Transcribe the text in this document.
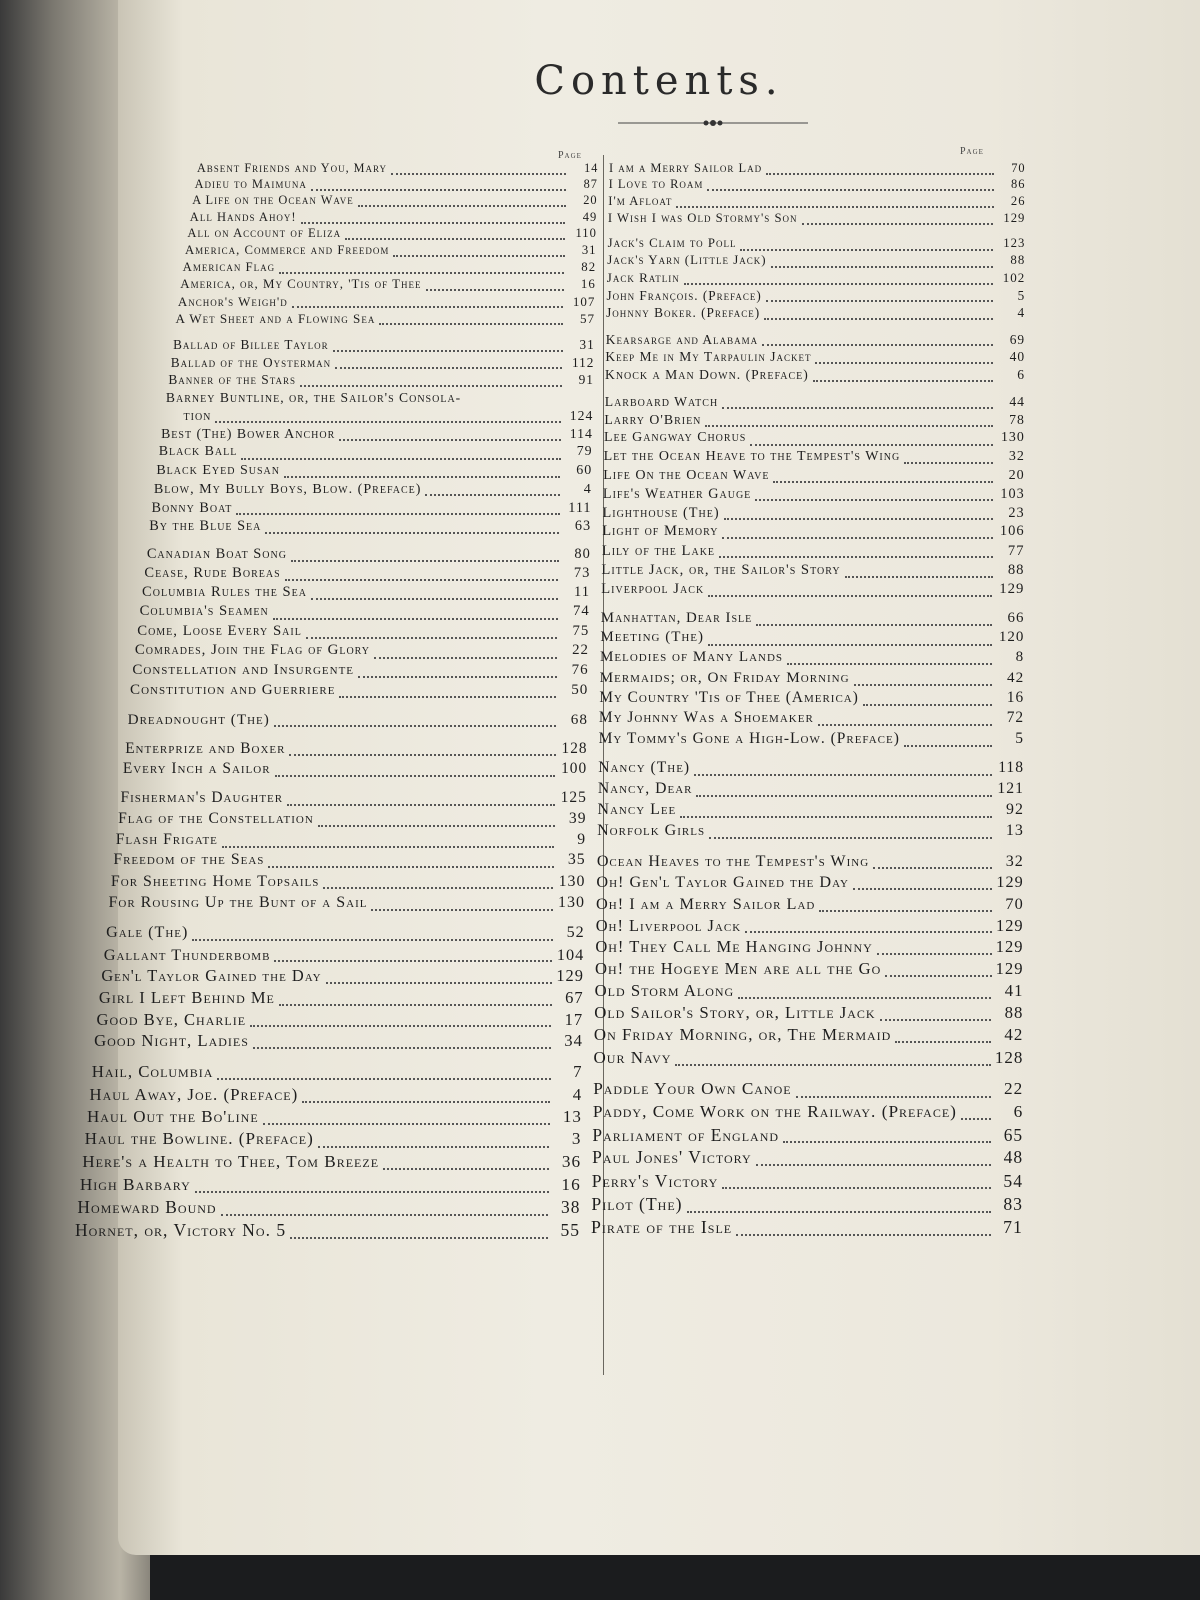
Contents.
Page	Page
Absent Friends and You, Mary	14
Adieu to Maimuna	87
A Life on the Ocean Wave	20
All Hands Ahoy!	49
All on Account of Eliza	110
America, Commerce and Freedom	31
American Flag	82
America, or, My Country, 'Tis of Thee	16
Anchor's Weigh'd	107
A Wet Sheet and a Flowing Sea	57
Ballad of Billee Taylor	31
Ballad of the Oysterman	112
Banner of the Stars	91
Barney Buntline, or, the Sailor's Consola-
tion	124
Best (The) Bower Anchor	114
Black Ball	79
Black Eyed Susan	60
Blow, My Bully Boys, Blow. (Preface)	4
Bonny Boat	111
By the Blue Sea	63
Canadian Boat Song	80
Cease, Rude Boreas	73
Columbia Rules the Sea	11
Columbia's Seamen	74
Come, Loose Every Sail	75
Comrades, Join the Flag of Glory	22
Constellation and Insurgente	76
Constitution and Guerriere	50
Dreadnought (The)	68
Enterprize and Boxer	128
Every Inch a Sailor	100
Fisherman's Daughter	125
Flag of the Constellation	39
Flash Frigate	9
Freedom of the Seas	35
For Sheeting Home Topsails	130
For Rousing Up the Bunt of a Sail	130
Gale (The)	52
Gallant Thunderbomb	104
Gen'l Taylor Gained the Day	129
Girl I Left Behind Me	67
Good Bye, Charlie	17
Good Night, Ladies	34
Hail, Columbia	7
Haul Away, Joe. (Preface)	4
Haul Out the Bo'line	13
Haul the Bowline. (Preface)	3
Here's a Health to Thee, Tom Breeze	36
High Barbary	16
Homeward Bound	38
Hornet, or, Victory No. 5	55
I am a Merry Sailor Lad	70
I Love to Roam	86
I'm Afloat	26
I Wish I was Old Stormy's Son	129
Jack's Claim to Poll	123
Jack's Yarn (Little Jack)	88
Jack Ratlin	102
John François. (Preface)	5
Johnny Boker. (Preface)	4
Kearsarge and Alabama	69
Keep Me in My Tarpaulin Jacket	40
Knock a Man Down. (Preface)	6
Larboard Watch	44
Larry O'Brien	78
Lee Gangway Chorus	130
Let the Ocean Heave to the Tempest's Wing	32
Life On the Ocean Wave	20
Life's Weather Gauge	103
Lighthouse (The)	23
Light of Memory	106
Lily of the Lake	77
Little Jack, or, the Sailor's Story	88
Liverpool Jack	129
Manhattan, Dear Isle	66
Meeting (The)	120
Melodies of Many Lands	8
Mermaids; or, On Friday Morning	42
My Country 'Tis of Thee (America)	16
My Johnny Was a Shoemaker	72
My Tommy's Gone a High-Low. (Preface)	5
Nancy (The)	118
Nancy, Dear	121
Nancy Lee	92
Norfolk Girls	13
Ocean Heaves to the Tempest's Wing	32
Oh! Gen'l Taylor Gained the Day	129
Oh! I am a Merry Sailor Lad	70
Oh! Liverpool Jack	129
Oh! They Call Me Hanging Johnny	129
Oh! the Hogeye Men are all the Go	129
Old Storm Along	41
Old Sailor's Story, or, Little Jack	88
On Friday Morning, or, The Mermaid	42
Our Navy	128
Paddle Your Own Canoe	22
Paddy, Come Work on the Railway. (Preface)	6
Parliament of England	65
Paul Jones' Victory	48
Perry's Victory	54
Pilot (The)	83
Pirate of the Isle	71
